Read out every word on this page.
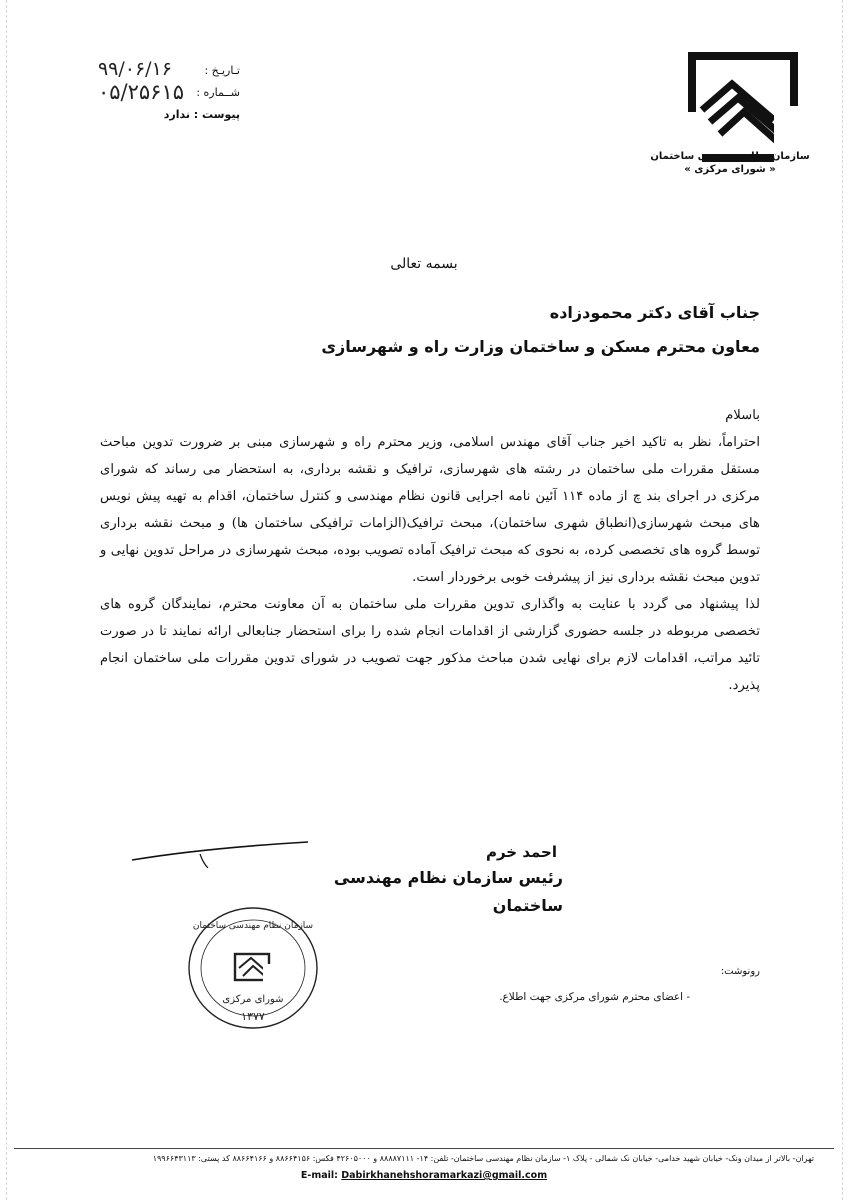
سازمان نظام مهندسی ساختمان
« شورای مرکزی »
تـاریـخ :
۹۹/۰۶/۱۶
شــماره :
۰۵/۲۵۶۱۵
پیوست : ندارد
بسمه تعالی
جناب آقای دکتر محمودزاده
معاون محترم مسکن و ساختمان وزارت راه و شهرسازی

باسلام

احتراماً، نظر به تاکید اخیر جناب آقای مهندس اسلامی، وزیر محترم راه و شهرسازی مبنی بر ضرورت تدوین مباحث مستقل مقررات ملی ساختمان در رشته های شهرسازی، ترافیک و نقشه برداری، به استحضار می رساند که شورای مرکزی در اجرای بند چ از ماده ۱۱۴ آئین نامه اجرایی قانون نظام مهندسی و کنترل ساختمان، اقدام به تهیه پیش نویس های مبحث شهرسازی(انطباق شهری ساختمان)، مبحث ترافیک(الزامات ترافیکی ساختمان ها) و مبحث نقشه برداری توسط گروه های تخصصی کرده، به نحوی که مبحث ترافیک آماده تصویب بوده، مبحث شهرسازی در مراحل تدوین نهایی و تدوین مبحث نقشه برداری نیز از پیشرفت خوبی برخوردار است.

لذا پیشنهاد می گردد با عنایت به واگذاری تدوین مقررات ملی ساختمان به آن معاونت محترم، نمایندگان گروه های تخصصی مربوطه در جلسه حضوری گزارشی از اقدامات انجام شده را برای استحضار جنابعالی ارائه نمایند تا در صورت تائید مراتب، اقدامات لازم برای نهایی شدن مباحث مذکور جهت تصویب در شورای تدوین مقررات ملی ساختمان انجام پذیرد.

احمد خرم
رئیس سازمان نظام مهندسی ساختمان
سازمان نظام مهندسی ساختمان
شورای مرکزی
۱۳۷۷
رونوشت:
- اعضای محترم شورای مرکزی جهت اطلاع.
تهران- بالاتر از میدان ونک- خیابان شهید خدامی- خیابان نک شمالی - پلاک ۱- سازمان نظام مهندسی ساختمان- تلفن: ۱۴- ۸۸۸۸۷۱۱۱ و ۴۲۶۰۵۰۰۰ فکس: ۸۸۶۶۴۱۵۶ و ۸۸۶۶۴۱۶۶ کد پستی: ۱۹۹۶۶۴۳۱۱۳
E-mail: Dabirkhanehshoramarkazi@gmail.com
